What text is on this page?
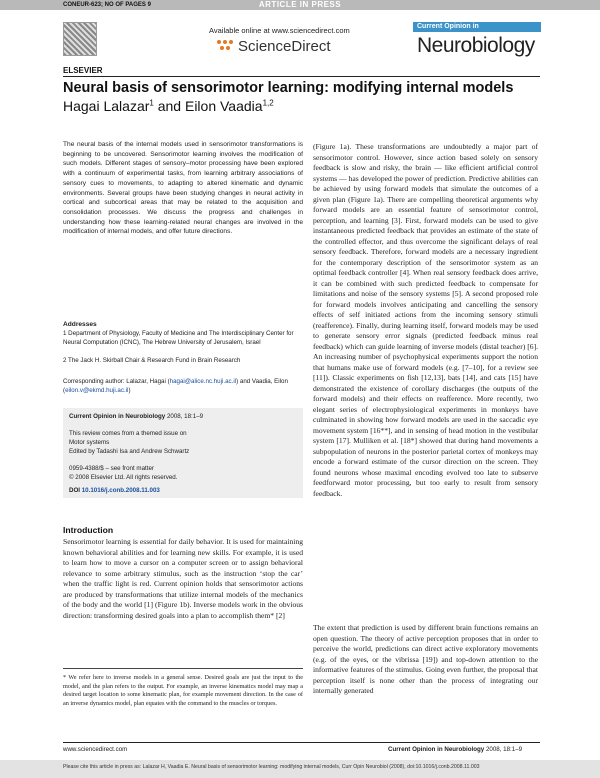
CONEUR-623; NO OF PAGES 9	ARTICLE IN PRESS
ELSEVIER
Available online at www.sciencedirect.com
ScienceDirect
Current Opinion in
Neurobiology
Neural basis of sensorimotor learning: modifying internal models
Hagai Lalazar$^1$ and Eilon Vaadia$^{1,2}$
The neural basis of the internal models used in sensorimotor transformations is beginning to be uncovered. Sensorimotor learning involves the modification of such models. Different stages of sensory–motor processing have been explored with a continuum of experimental tasks, from learning arbitrary associations of sensory cues to movements, to adapting to altered kinematic and dynamic environments. Several groups have been studying changes in neural activity in cortical and subcortical areas that may be related to the acquisition and consolidation processes. We discuss the progress and challenges in understanding how these learning-related neural changes are involved in the modification of internal models, and offer future directions.
Addresses
1 Department of Physiology, Faculty of Medicine and The Interdisciplinary Center for Neural Computation (ICNC), The Hebrew University of Jerusalem, Israel
2 The Jack H. Skirball Chair & Research Fund in Brain Research
Corresponding author: Lalazar, Hagai (hagai@alice.nc.huji.ac.il) and Vaadia, Eilon (eilon.v@ekmd.huji.ac.il)
Current Opinion in Neurobiology 2008, 18:1–9
This review comes from a themed issue on
Motor systems
Edited by Tadashi Isa and Andrew Schwartz
0959-4388/$ – see front matter
© 2008 Elsevier Ltd. All rights reserved.
DOI 10.1016/j.conb.2008.11.003
Introduction
Sensorimotor learning is essential for daily behavior. It is used for maintaining known behavioral abilities and for learning new skills. For example, it is used to learn how to move a cursor on a computer screen or to assign behavioral relevance to some arbitrary stimulus, such as the instruction ‘stop the car’ when the traffic light is red. Current opinion holds that sensorimotor actions are produced by transformations that utilize internal models of the mechanics of the body and the world [1] (Figure 1b). Inverse models work in the obvious direction: transforming desired goals into a plan to accomplish them* [2]
* We refer here to inverse models in a general sense. Desired goals are just the input to the model, and the plan refers to the output. For example, an inverse kinematics model may map a desired target location to some kinematic plan, for example movement direction. In the case of an inverse dynamics model, plan equates with the command to the muscles or torques.
(Figure 1a). These transformations are undoubtedly a major part of sensorimotor control. However, since action based solely on sensory feedback is slow and risky, the brain — like efficient artificial control systems — has developed the power of prediction. Predictive abilities can be achieved by using forward models that simulate the outcomes of a given plan (Figure 1a). There are compelling theoretical arguments why forward models are an essential feature of sensorimotor control, perception, and learning [3]. First, forward models can be used to give instantaneous predicted feedback that provides an estimate of the state of the controlled effector, and thus overcome the significant delays of real sensory feedback. Therefore, forward models are a necessary ingredient for the contemporary description of the sensorimotor system as an optimal feedback controller [4]. When real sensory feedback does arrive, it can be combined with such predicted feedback to compensate for limitations and noise of the sensory systems [5]. A second proposed role for forward models involves anticipating and cancelling the sensory effects of self initiated actions from the incoming sensory stimuli (reafference). Finally, during learning itself, forward models may be used to generate sensory error signals (predicted feedback minus real feedback) which can guide learning of inverse models (distal teacher) [6]. An increasing number of psychophysical experiments support the notion that humans make use of forward models (e.g. [7–10], for a review see [11]). Classic experiments on fish [12,13], bats [14], and cats [15] have demonstrated the existence of corollary discharges (the outputs of the forward models) and their effects on reafference. More recently, two elegant series of electrophysiological experiments in monkeys have culminated in showing how forward models are used in the saccadic eye movement system [16**], and in sensing of head motion in the vestibular system [17]. Mulliken et al. [18*] showed that during hand movements a subpopulation of neurons in the posterior parietal cortex of monkeys may encode a forward estimate of the cursor direction on the screen. They found neurons whose maximal encoding evolved too late to subserve feedforward motor processing, but too early to result from sensory feedback.
The extent that prediction is used by different brain functions remains an open question. The theory of active perception proposes that in order to perceive the world, predictions can direct active exploratory movements (e.g. of the eyes, or the vibrissa [19]) and top-down attention to the informative features of the stimulus. Going even further, the proposal that perception itself is none other than the process of integrating our internally generated
www.sciencedirect.com	Current Opinion in Neurobiology 2008, 18:1–9
Please cite this article in press as: Lalazar H, Vaadia E. Neural basis of sensorimotor learning: modifying internal models, Curr Opin Neurobiol (2008), doi:10.1016/j.conb.2008.11.003
